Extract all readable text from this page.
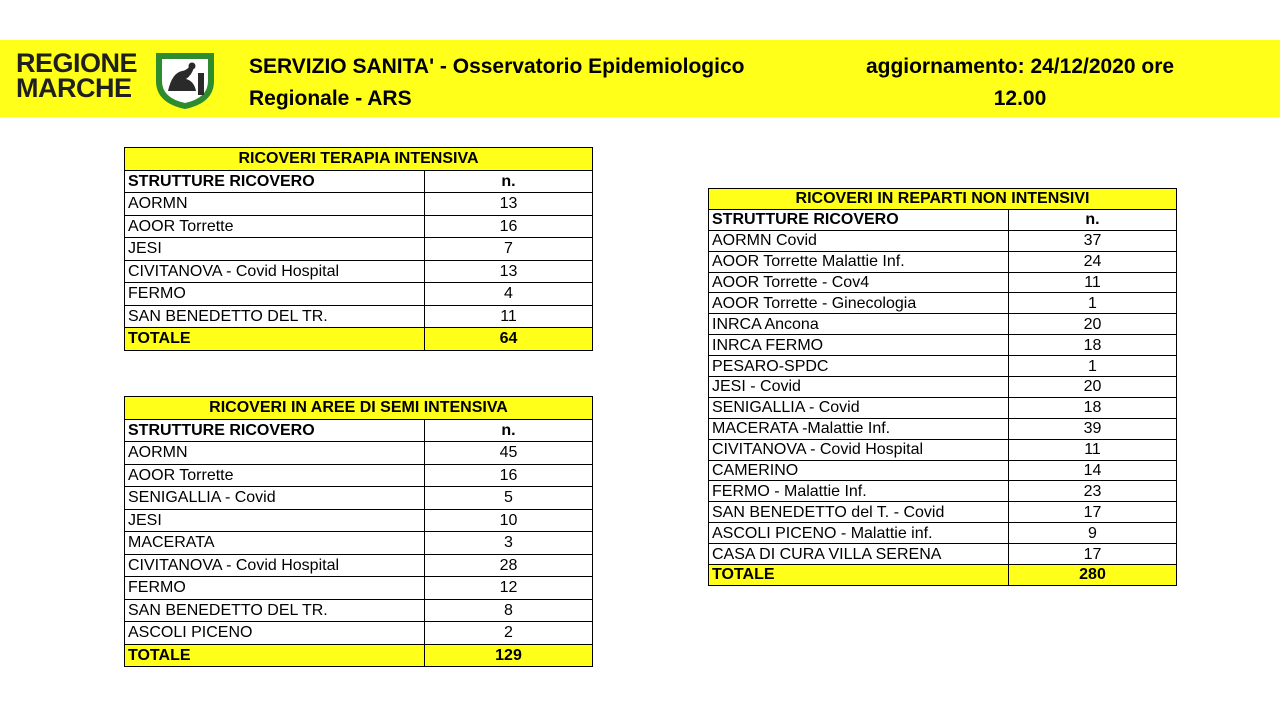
REGIONE
MARCHE
SERVIZIO SANITA' - Osservatorio Epidemiologico
Regionale - ARS
aggiornamento: 24/12/2020 ore
12.00
RICOVERI TERAPIA INTENSIVA	
STRUTTURE RICOVERO	n.
AORMN	13
AOOR Torrette	16
JESI	7
CIVITANOVA - Covid Hospital	13
FERMO	4
SAN BENEDETTO DEL TR.	11
TOTALE	64
RICOVERI IN AREE DI SEMI INTENSIVA	
STRUTTURE RICOVERO	n.
AORMN	45
AOOR Torrette	16
SENIGALLIA - Covid	5
JESI	10
MACERATA	3
CIVITANOVA - Covid Hospital	28
FERMO	12
SAN BENEDETTO DEL TR.	8
ASCOLI PICENO	2
TOTALE	129
RICOVERI IN REPARTI NON INTENSIVI	
STRUTTURE RICOVERO	n.
AORMN Covid	37
AOOR Torrette Malattie Inf.	24
AOOR Torrette - Cov4	11
AOOR Torrette - Ginecologia	1
INRCA Ancona	20
INRCA FERMO	18
PESARO-SPDC	1
JESI - Covid	20
SENIGALLIA - Covid	18
MACERATA -Malattie Inf.	39
CIVITANOVA - Covid Hospital	11
CAMERINO	14
FERMO - Malattie Inf.	23
SAN BENEDETTO del T. - Covid	17
ASCOLI PICENO - Malattie inf.	9
CASA DI CURA VILLA SERENA	17
TOTALE	280
